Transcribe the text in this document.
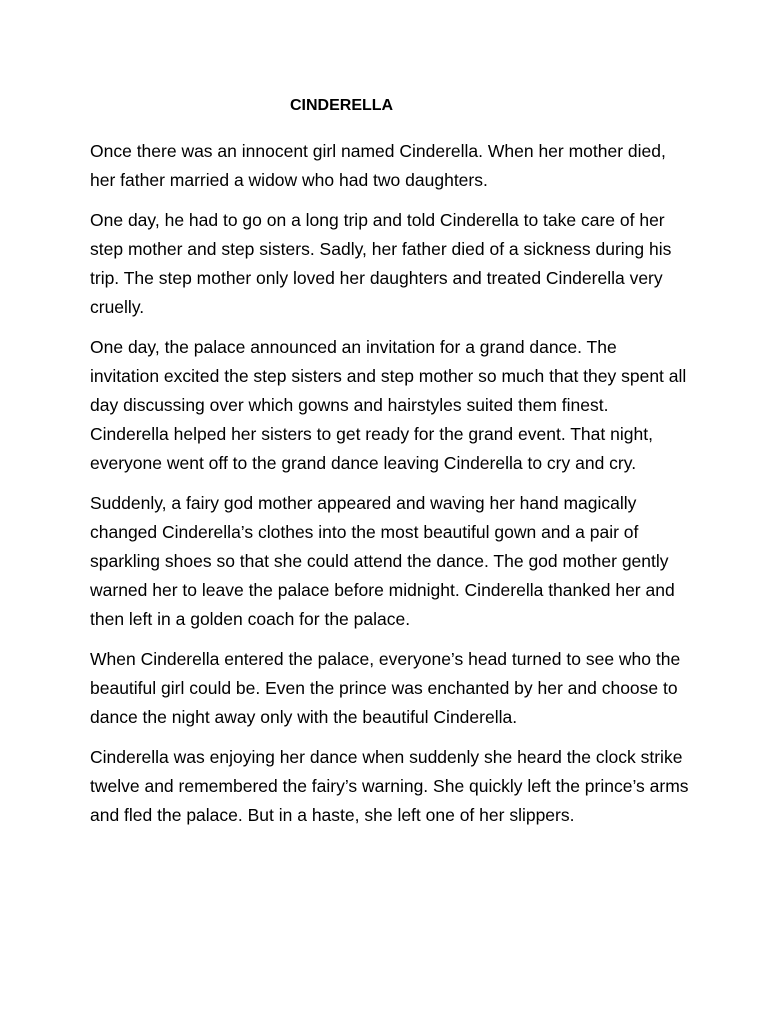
CINDERELLA

Once there was an innocent girl named Cinderella. When her mother died, her father married a widow who had two daughters.

One day, he had to go on a long trip and told Cinderella to take care of her step mother and step sisters. Sadly, her father died of a sickness during his trip. The step mother only loved her daughters and treated Cinderella very cruelly.

One day, the palace announced an invitation for a grand dance. The invitation excited the step sisters and step mother so much that they spent all day discussing over which gowns and hairstyles suited them finest. Cinderella helped her sisters to get ready for the grand event. That night, everyone went off to the grand dance leaving Cinderella to cry and cry.

Suddenly, a fairy god mother appeared and waving her hand magically changed Cinderella’s clothes into the most beautiful gown and a pair of sparkling shoes so that she could attend the dance. The god mother gently warned her to leave the palace before midnight. Cinderella thanked her and then left in a golden coach for the palace.

When Cinderella entered the palace, everyone’s head turned to see who the beautiful girl could be. Even the prince was enchanted by her and choose to dance the night away only with the beautiful Cinderella.

Cinderella was enjoying her dance when suddenly she heard the clock strike twelve and remembered the fairy’s warning. She quickly left the prince’s arms and fled the palace. But in a haste, she left one of her slippers.
